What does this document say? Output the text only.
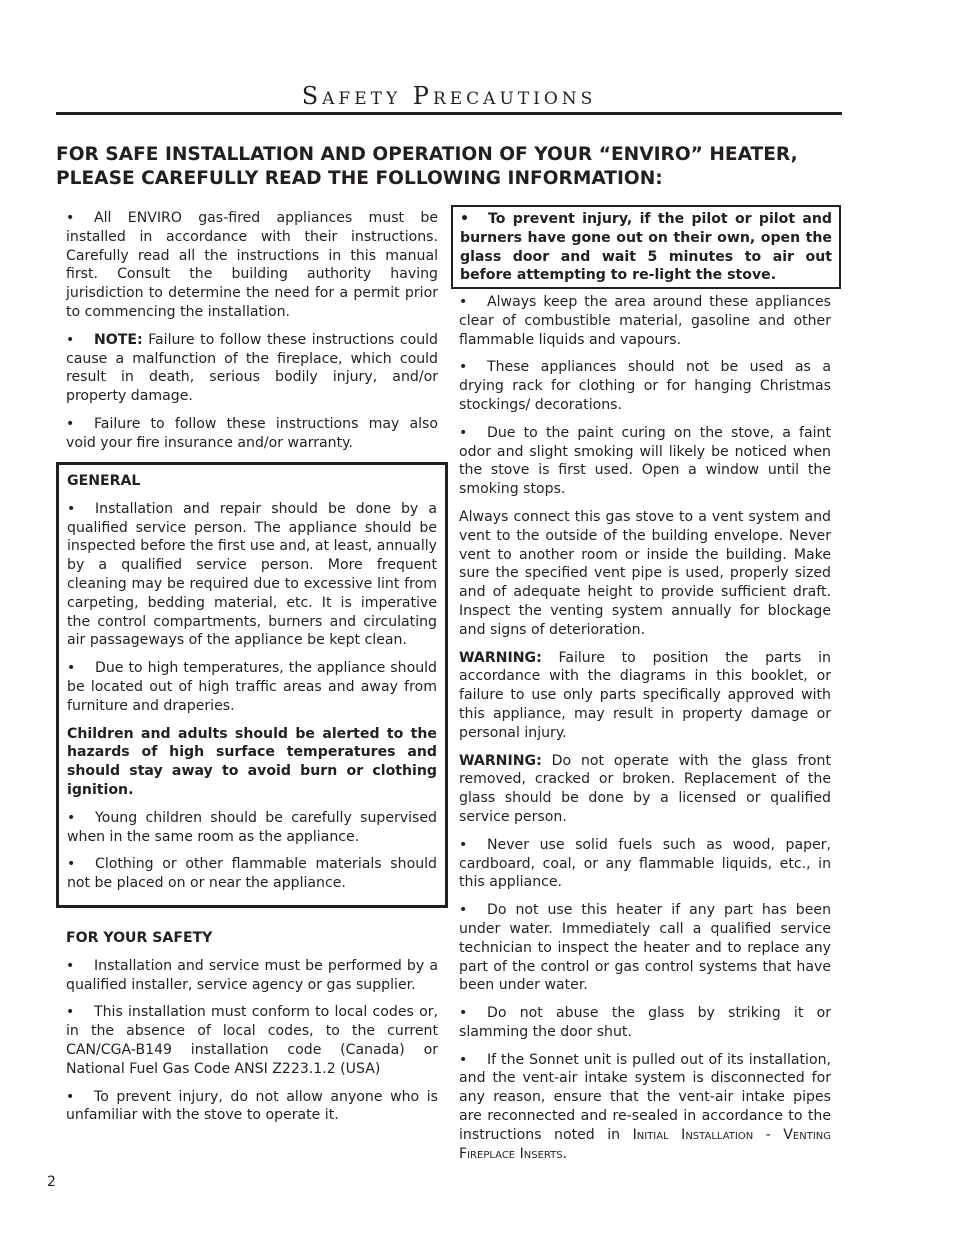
Safety Precautions
FOR SAFE INSTALLATION AND OPERATION OF YOUR “ENVIRO” HEATER,
PLEASE CAREFULLY READ THE FOLLOWING INFORMATION:

• All ENVIRO gas-fired appliances must be installed in accordance with their instructions. Carefully read all the instructions in this manual first. Consult the building authority having jurisdiction to determine the need for a permit prior to commencing the installation.

• NOTE: Failure to follow these instructions could cause a malfunction of the fireplace, which could result in death, serious bodily injury, and/or property damage.

• Failure to follow these instructions may also void your fire insurance and/or warranty.

GENERAL

• Installation and repair should be done by a qualified service person. The appliance should be inspected before the first use and, at least, annually by a qualified service person. More frequent cleaning may be required due to excessive lint from carpeting, bedding material, etc. It is imperative the control compartments, burners and circulating air passageways of the appliance be kept clean.

• Due to high temperatures, the appliance should be located out of high traffic areas and away from furniture and draperies.

Children and adults should be alerted to the hazards of high surface temperatures and should stay away to avoid burn or clothing ignition.

• Young children should be carefully supervised when in the same room as the appliance.

• Clothing or other flammable materials should not be placed on or near the appliance.

FOR YOUR SAFETY

• Installation and service must be performed by a qualified installer, service agency or gas supplier.

• This installation must conform to local codes or, in the absence of local codes, to the current CAN/CGA-B149 installation code (Canada) or National Fuel Gas Code ANSI Z223.1.2 (USA)

• To prevent injury, do not allow anyone who is unfamiliar with the stove to operate it.

• To prevent injury, if the pilot or pilot and burners have gone out on their own, open the glass door and wait 5 minutes to air out before attempting to re-light the stove.

• Always keep the area around these appliances clear of combustible material, gasoline and other flammable liquids and vapours.

• These appliances should not be used as a drying rack for clothing or for hanging Christmas stockings/ decorations.

• Due to the paint curing on the stove, a faint odor and slight smoking will likely be noticed when the stove is first used. Open a window until the smoking stops.

Always connect this gas stove to a vent system and vent to the outside of the building envelope. Never vent to another room or inside the building. Make sure the specified vent pipe is used, properly sized and of adequate height to provide sufficient draft. Inspect the venting system annually for blockage and signs of deterioration.

WARNING: Failure to position the parts in accordance with the diagrams in this booklet, or failure to use only parts specifically approved with this appliance, may result in property damage or personal injury.

WARNING: Do not operate with the glass front removed, cracked or broken. Replacement of the glass should be done by a licensed or qualified service person.

• Never use solid fuels such as wood, paper, cardboard, coal, or any flammable liquids, etc., in this appliance.

• Do not use this heater if any part has been under water. Immediately call a qualified service technician to inspect the heater and to replace any part of the control or gas control systems that have been under water.

• Do not abuse the glass by striking it or slamming the door shut.

• If the Sonnet unit is pulled out of its installation, and the vent-air intake system is disconnected for any reason, ensure that the vent-air intake pipes are reconnected and re-sealed in accordance to the instructions noted in Initial Installation - Venting Fireplace Inserts.

2
